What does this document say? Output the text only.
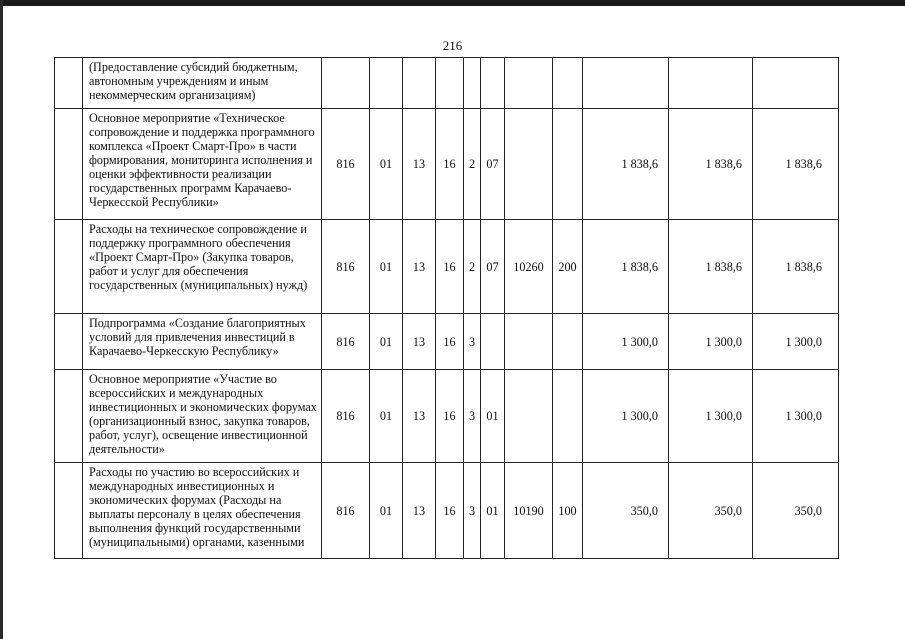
216
	(Предоставление субсидий бюджетным, автономным учреждениям и иным некоммерческим организациям)											
	Основное мероприятие «Техническое сопровождение и поддержка программного комплекса «Проект Смарт-Про» в части формирования, мониторинга исполнения и оценки эффективности реализации государственных программ Карачаево-Черкесской Республики»	816	01	13	16	2	07			1 838,6	1 838,6	1 838,6
	Расходы на техническое сопровождение и поддержку программного обеспечения «Проект Смарт-Про» (Закупка товаров, работ и услуг для обеспечения государственных (муниципальных) нужд)	816	01	13	16	2	07	10260	200	1 838,6	1 838,6	1 838,6
	Подпрограмма «Создание благоприятных условий для привлечения инвестиций в Карачаево-Черкесскую Республику»	816	01	13	16	3				1 300,0	1 300,0	1 300,0
	Основное мероприятие «Участие во всероссийских и международных инвестиционных и экономических форумах (организационный взнос, закупка товаров, работ, услуг), освещение инвестиционной деятельности»	816	01	13	16	3	01			1 300,0	1 300,0	1 300,0
	Расходы по участию во всероссийских и международных инвестиционных и экономических форумах (Расходы на выплаты персоналу в целях обеспечения выполнения функций государственными (муниципальными) органами, казенными	816	01	13	16	3	01	10190	100	350,0	350,0	350,0
